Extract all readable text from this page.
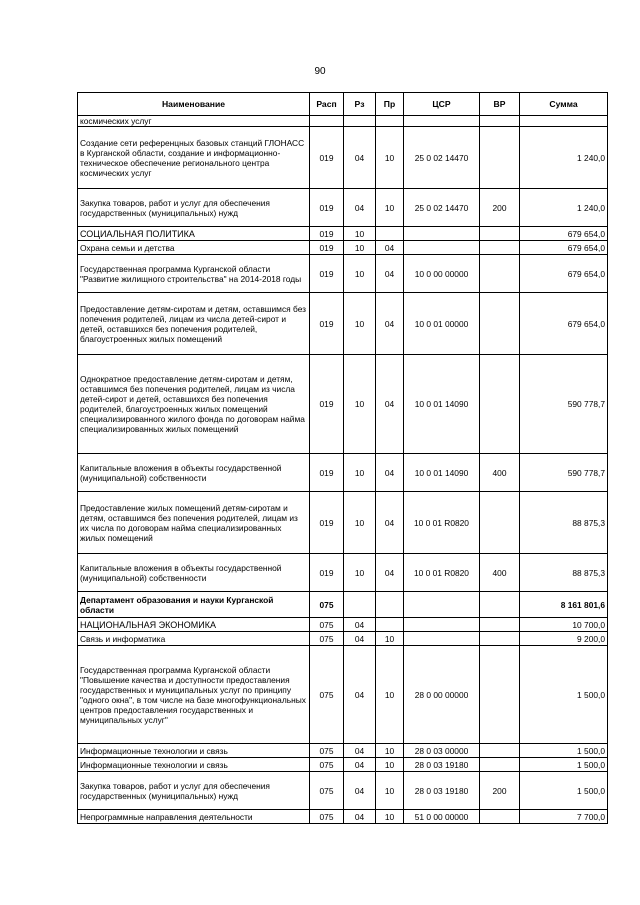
90
Наименование	Расп	Рз	Пр	ЦСР	ВР	Сумма
космических услуг						
Создание сети референцных базовых станций ГЛОНАСС в Курганской области, создание и информационно-техническое обеспечение регионального центра космических услуг	019	04	10	25 0 02 14470		1 240,0
Закупка товаров, работ и услуг для обеспечения государственных (муниципальных) нужд	019	04	10	25 0 02 14470	200	1 240,0
СОЦИАЛЬНАЯ ПОЛИТИКА	019	10				679 654,0
Охрана семьи и детства	019	10	04			679 654,0
Государственная программа Курганской области "Развитие жилищного строительства" на 2014-2018 годы	019	10	04	10 0 00 00000		679 654,0
Предоставление детям-сиротам и детям, оставшимся без попечения родителей, лицам из числа детей-сирот и детей, оставшихся без попечения родителей, благоустроенных жилых помещений	019	10	04	10 0 01 00000		679 654,0
Однократное предоставление детям-сиротам и детям, оставшимся без попечения родителей, лицам из числа детей-сирот и детей, оставшихся без попечения родителей, благоустроенных жилых помещений специализированного жилого фонда по договорам найма специализированных жилых помещений	019	10	04	10 0 01 14090		590 778,7
Капитальные вложения в объекты государственной (муниципальной) собственности	019	10	04	10 0 01 14090	400	590 778,7
Предоставление жилых помещений детям-сиротам и детям, оставшимся без попечения родителей, лицам из их числа по договорам найма специализированных жилых помещений	019	10	04	10 0 01 R0820		88 875,3
Капитальные вложения в объекты государственной (муниципальной) собственности	019	10	04	10 0 01 R0820	400	88 875,3
Департамент образования и науки Курганской области	075					8 161 801,6
НАЦИОНАЛЬНАЯ ЭКОНОМИКА	075	04				10 700,0
Связь и информатика	075	04	10			9 200,0
Государственная программа Курганской области "Повышение качества и доступности предоставления государственных и муниципальных услуг по принципу "одного окна", в том числе на базе многофункциональных центров предоставления государственных и муниципальных услуг"	075	04	10	28 0 00 00000		1 500,0
Информационные технологии и связь	075	04	10	28 0 03 00000		1 500,0
Информационные технологии и связь	075	04	10	28 0 03 19180		1 500,0
Закупка товаров, работ и услуг для обеспечения государственных (муниципальных) нужд	075	04	10	28 0 03 19180	200	1 500,0
Непрограммные направления деятельности	075	04	10	51 0 00 00000		7 700,0
